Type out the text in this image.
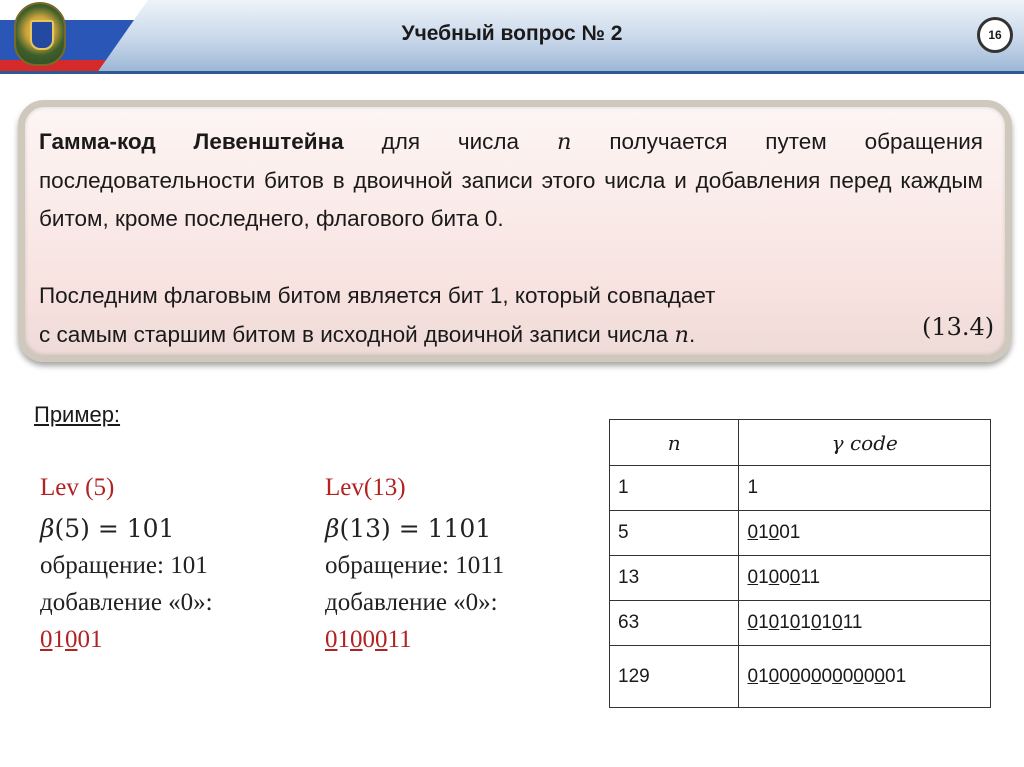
Учебный вопрос № 2	16
Гамма-код Левенштейна для числа n получается путем обращения последовательности битов в двоичной записи этого числа и добавления перед каждым битом, кроме последнего, флагового бита 0.
Последним флаговым битом является бит 1, который совпадает
с самым старшим битом в исходной двоичной записи числа n.	(13.4)
Пример:
Lev (5)
β(5) = 101
обращение: 101
добавление «0»:
01001
Lev(13)
β(13) = 1101
обращение: 1011
добавление «0»:
0100011
n	γ code
1	1
5	01001
13	0100011
63	01010101011
129	010000000000001
